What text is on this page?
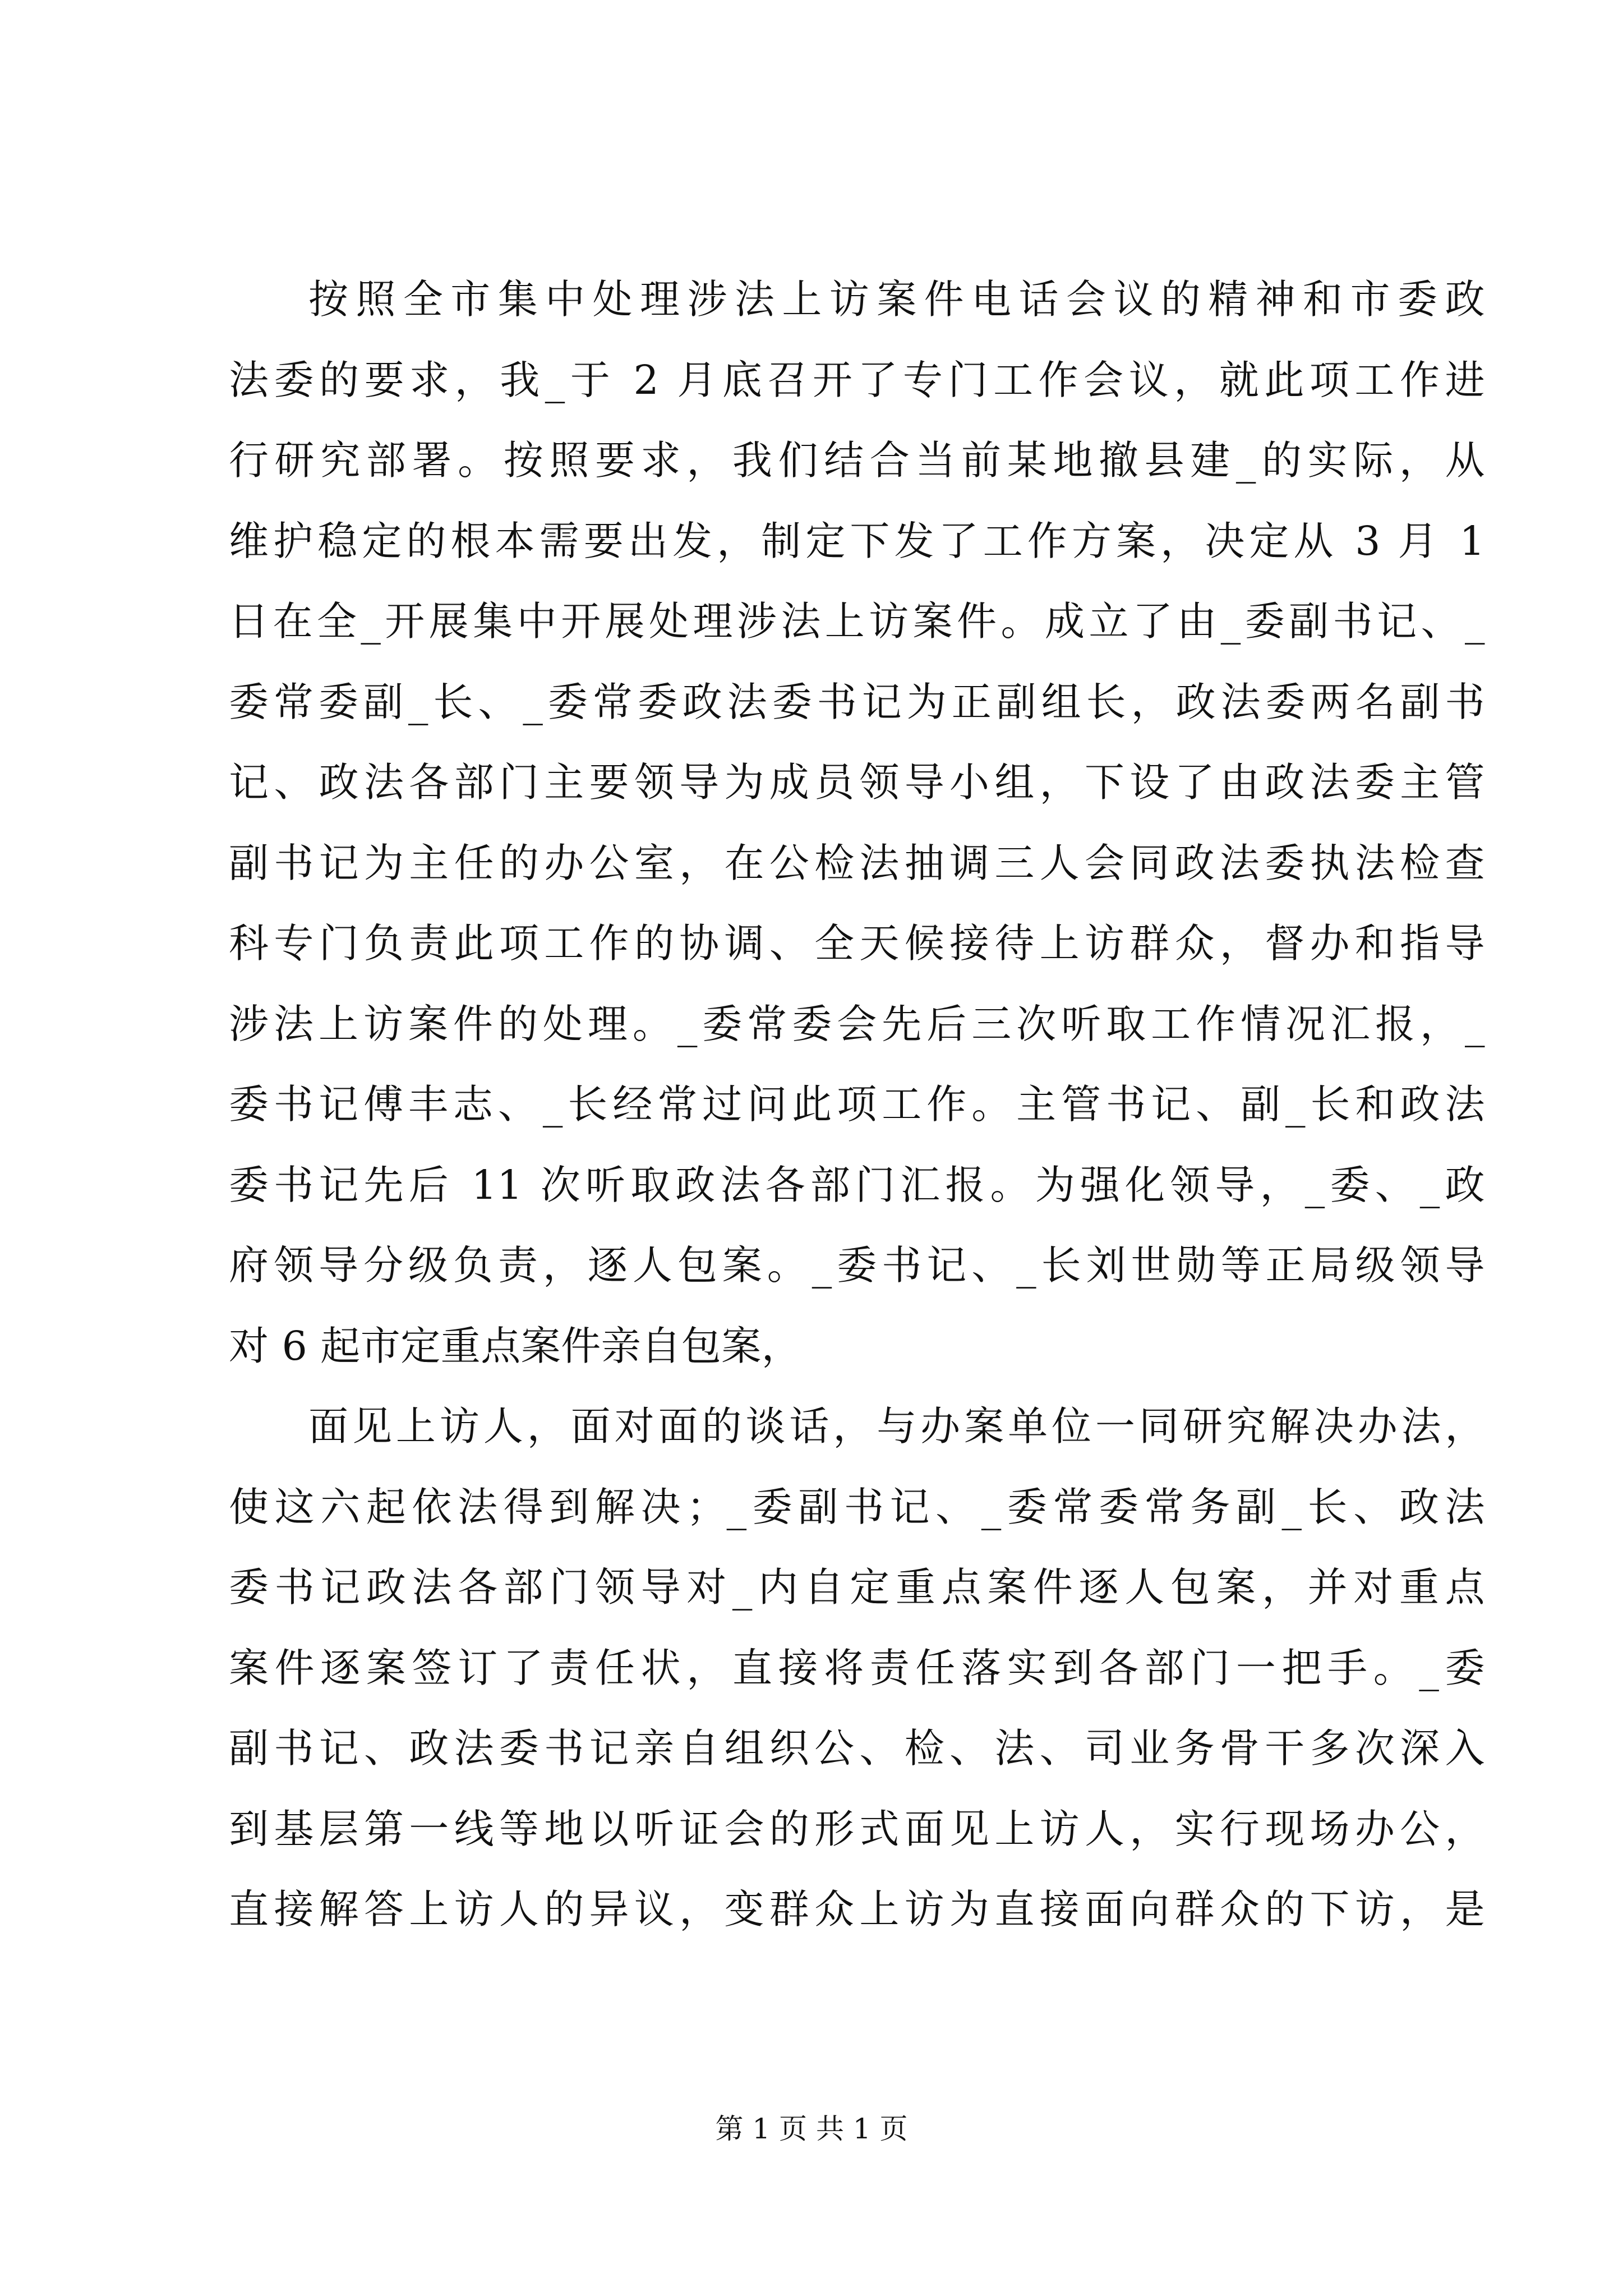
按照全市集中处理涉法上访案件电话会议的精神和市委政
法委的要求，我_于 2 月底召开了专门工作会议，就此项工作进
行研究部署。按照要求，我们结合当前某地撤县建_的实际，从
维护稳定的根本需要出发，制定下发了工作方案，决定从 3 月 1
日在全_开展集中开展处理涉法上访案件。成立了由_委副书记、_
委常委副_长、_委常委政法委书记为正副组长，政法委两名副书
记、政法各部门主要领导为成员领导小组，下设了由政法委主管
副书记为主任的办公室，在公检法抽调三人会同政法委执法检查
科专门负责此项工作的协调、全天候接待上访群众，督办和指导
涉法上访案件的处理。_委常委会先后三次听取工作情况汇报，_
委书记傅丰志、_长经常过问此项工作。主管书记、副_长和政法
委书记先后 11 次听取政法各部门汇报。为强化领导，_委、_政
府领导分级负责，逐人包案。_委书记、_长刘世勋等正局级领导
对 6 起市定重点案件亲自包案，
面见上访人，面对面的谈话，与办案单位一同研究解决办法，
使这六起依法得到解决；_委副书记、_委常委常务副_长、政法
委书记政法各部门领导对_内自定重点案件逐人包案，并对重点
案件逐案签订了责任状，直接将责任落实到各部门一把手。_委
副书记、政法委书记亲自组织公、检、法、司业务骨干多次深入
到基层第一线等地以听证会的形式面见上访人，实行现场办公，
直接解答上访人的异议，变群众上访为直接面向群众的下访，是
第 1 页 共 1 页
